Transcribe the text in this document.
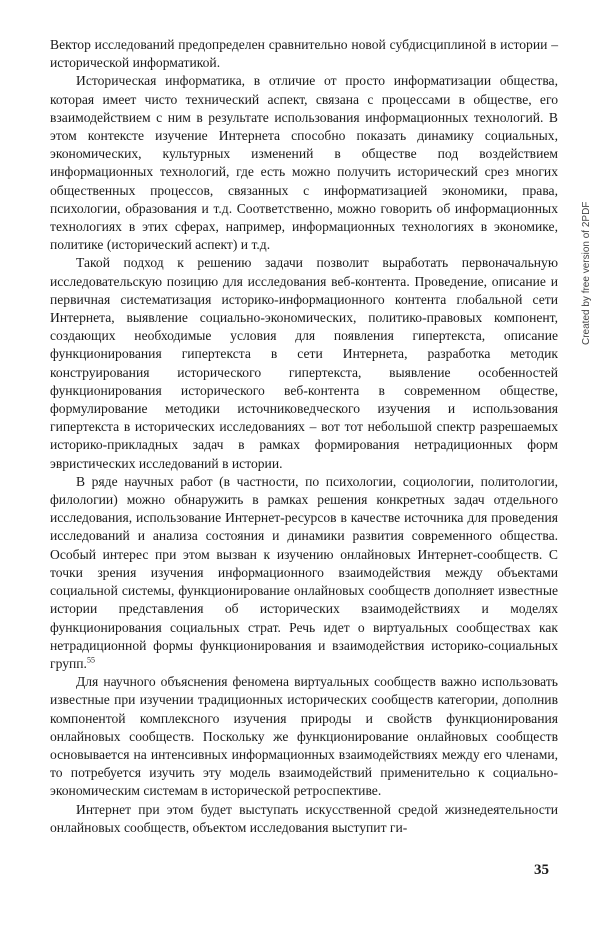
Вектор исследований предопределен сравнительно новой субдисциплиной в истории – исторической информатикой.

Историческая информатика, в отличие от просто информатизации общества, которая имеет чисто технический аспект, связана с процессами в обществе, его взаимодействием с ним в результате использования информационных технологий. В этом контексте изучение Интернета способно показать динамику социальных, экономических, культурных изменений в обществе под воздействием информационных технологий, где есть можно получить исторический срез многих общественных процессов, связанных с информатизацией экономики, права, психологии, образования и т.д. Соответственно, можно говорить об информационных технологиях в этих сферах, например, информационных технологиях в экономике, политике (исторический аспект) и т.д.

Такой подход к решению задачи позволит выработать первоначальную исследовательскую позицию для исследования веб-контента. Проведение, описание и первичная систематизация историко-информационного контента глобальной сети Интернета, выявление социально-экономических, политико-правовых компонент, создающих необходимые условия для появления гипертекста, описание функционирования гипертекста в сети Интернета, разработка методик конструирования исторического гипертекста, выявление особенностей функционирования исторического веб-контента в современном обществе, формулирование методики источниковедческого изучения и использования гипертекста в исторических исследованиях – вот тот небольшой спектр разрешаемых историко-прикладных задач в рамках формирования нетрадиционных форм эвристических исследований в истории.

В ряде научных работ (в частности, по психологии, социологии, политологии, филологии) можно обнаружить в рамках решения конкретных задач отдельного исследования, использование Интернет-ресурсов в качестве источника для проведения исследований и анализа состояния и динамики развития современного общества. Особый интерес при этом вызван к изучению онлайновых Интернет-сообществ. С точки зрения изучения информационного взаимодействия между объектами социальной системы, функционирование онлайновых сообществ дополняет известные истории представления об исторических взаимодействиях и моделях функционирования социальных страт. Речь идет о виртуальных сообществах как нетрадиционной формы функционирования и взаимодействия историко-социальных групп.$^{55}$

Для научного объяснения феномена виртуальных сообществ важно использовать известные при изучении традиционных исторических сообществ категории, дополнив компонентой комплексного изучения природы и свойств функционирования онлайновых сообществ. Поскольку же функционирование онлайновых сообществ основывается на интенсивных информационных взаимодействиях между его членами, то потребуется изучить эту модель взаимодействий применительно к социально-экономическим системам в исторической ретроспективе.

Интернет при этом будет выступать искусственной средой жизнедеятельности онлайновых сообществ, объектом исследования выступит ги-

35
Created by free version of 2PDF
